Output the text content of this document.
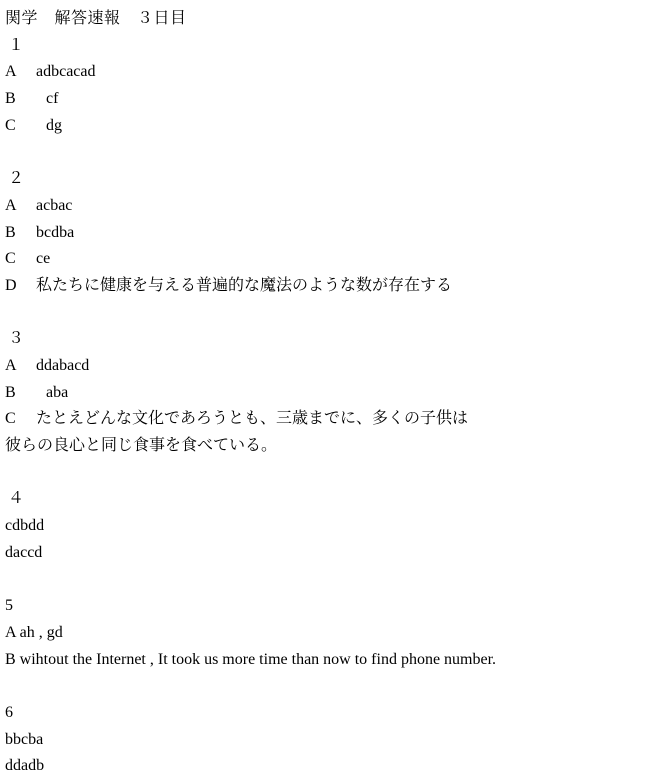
関学　解答速報　３日目
１
A adbcacad
B cf
C dg
２
A acbac
B bcdba
C ce
D 私たちに健康を与える普遍的な魔法のような数が存在する
３
A ddabacd
B aba
C たとえどんな文化であろうとも、三歳までに、多くの子供は
彼らの良心と同じ食事を食べている。
４
cdbdd
daccd
5
A ah , gd
B wihtout the Internet , It took us more time than now to find phone number.
6
bbcba
ddadb
